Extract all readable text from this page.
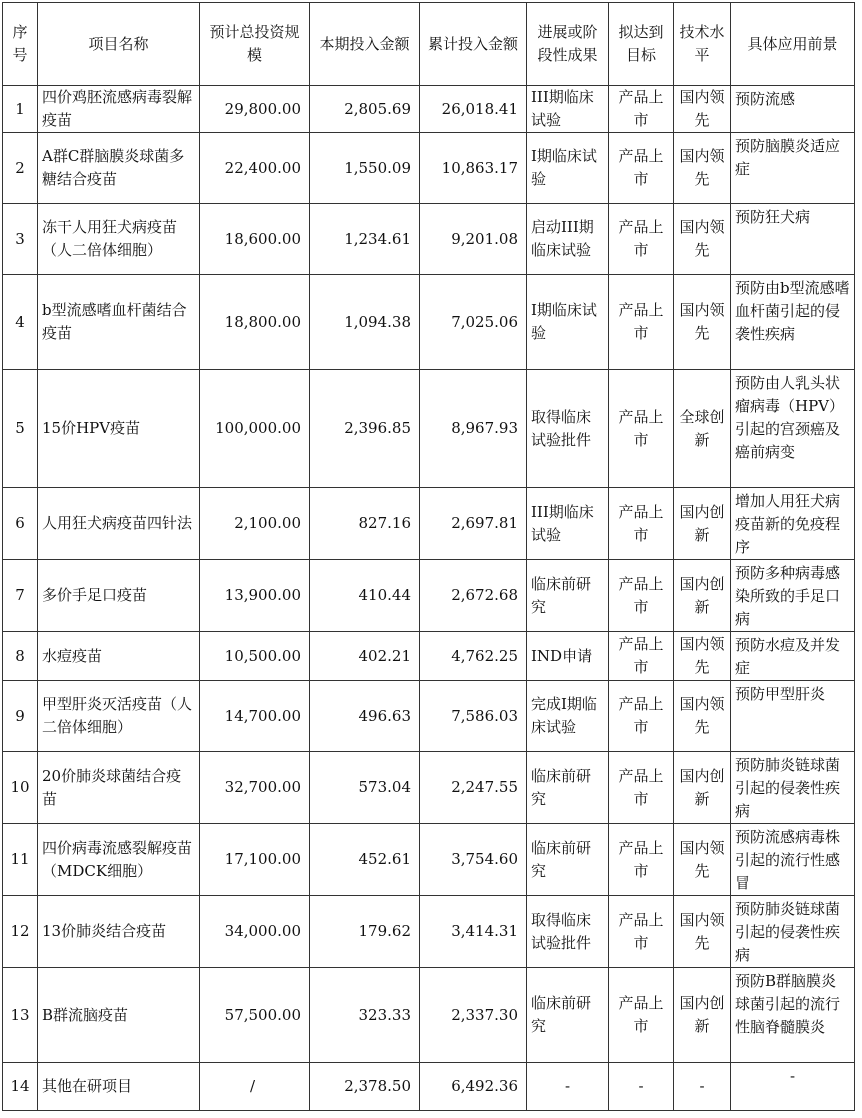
序号	项目名称	预计总投资规模	本期投入金额	累计投入金额	进展或阶段性成果	拟达到目标	技术水平	具体应用前景
1	四价鸡胚流感病毒裂解疫苗	29,800.00	2,805.69	26,018.41	III期临床试验	产品上市	国内领先	预防流感
2	A群C群脑膜炎球菌多糖结合疫苗	22,400.00	1,550.09	10,863.17	I期临床试验	产品上市	国内领先	预防脑膜炎适应症
3	冻干人用狂犬病疫苗（人二倍体细胞）	18,600.00	1,234.61	9,201.08	启动III期临床试验	产品上市	国内领先	预防狂犬病
4	b型流感嗜血杆菌结合疫苗	18,800.00	1,094.38	7,025.06	I期临床试验	产品上市	国内领先	预防由b型流感嗜血杆菌引起的侵袭性疾病
5	15价HPV疫苗	100,000.00	2,396.85	8,967.93	取得临床试验批件	产品上市	全球创新	预防由人乳头状瘤病毒（HPV）引起的宫颈癌及癌前病变
6	人用狂犬病疫苗四针法	2,100.00	827.16	2,697.81	III期临床试验	产品上市	国内创新	增加人用狂犬病疫苗新的免疫程序
7	多价手足口疫苗	13,900.00	410.44	2,672.68	临床前研究	产品上市	国内创新	预防多种病毒感染所致的手足口病
8	水痘疫苗	10,500.00	402.21	4,762.25	IND申请	产品上市	国内领先	预防水痘及并发症
9	甲型肝炎灭活疫苗（人二倍体细胞）	14,700.00	496.63	7,586.03	完成I期临床试验	产品上市	国内领先	预防甲型肝炎
10	20价肺炎球菌结合疫苗	32,700.00	573.04	2,247.55	临床前研究	产品上市	国内创新	预防肺炎链球菌引起的侵袭性疾病
11	四价病毒流感裂解疫苗（MDCK细胞）	17,100.00	452.61	3,754.60	临床前研究	产品上市	国内领先	预防流感病毒株引起的流行性感冒
12	13价肺炎结合疫苗	34,000.00	179.62	3,414.31	取得临床试验批件	产品上市	国内领先	预防肺炎链球菌引起的侵袭性疾病
13	B群流脑疫苗	57,500.00	323.33	2,337.30	临床前研究	产品上市	国内创新	预防B群脑膜炎球菌引起的流行性脑脊髓膜炎
14	其他在研项目	/	2,378.50	6,492.36	-	-	-	-
